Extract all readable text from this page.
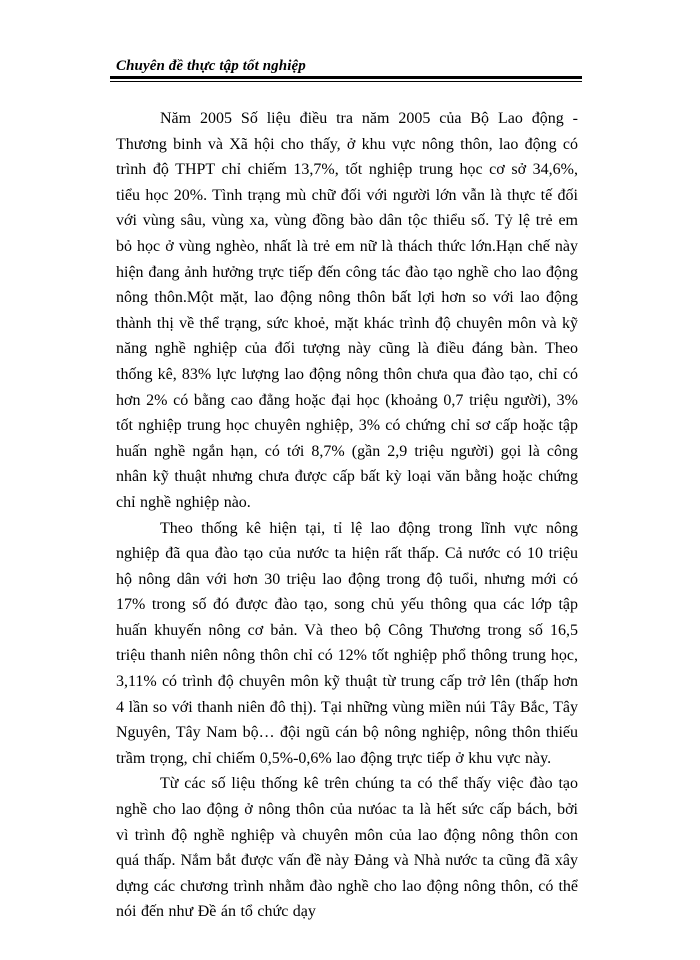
Chuyên đề thực tập tốt nghiệp

Năm 2005 Số liệu điều tra năm 2005 của Bộ Lao động - Thương binh và Xã hội cho thấy, ở khu vực nông thôn, lao động có trình độ THPT chỉ chiếm 13,7%, tốt nghiệp trung học cơ sở 34,6%, tiểu học 20%. Tình trạng mù chữ đối với người lớn vẫn là thực tế đối với vùng sâu, vùng xa, vùng đồng bào dân tộc thiểu số. Tỷ lệ trẻ em bỏ học ở vùng nghèo, nhất là trẻ em nữ là thách thức lớn.Hạn chế này hiện đang ảnh hưởng trực tiếp đến công tác đào tạo nghề cho lao động nông thôn.Một mặt, lao động nông thôn bất lợi hơn so với lao động thành thị về thể trạng, sức khoẻ, mặt khác trình độ chuyên môn và kỹ năng nghề nghiệp của đối tượng này cũng là điều đáng bàn. Theo thống kê, 83% lực lượng lao động nông thôn chưa qua đào tạo, chỉ có hơn 2% có bằng cao đẳng hoặc đại học (khoảng 0,7 triệu người), 3% tốt nghiệp trung học chuyên nghiệp, 3% có chứng chỉ sơ cấp hoặc tập huấn nghề ngắn hạn, có tới 8,7% (gần 2,9 triệu người) gọi là công nhân kỹ thuật nhưng chưa được cấp bất kỳ loại văn bằng hoặc chứng chỉ nghề nghiệp nào.

Theo thống kê hiện tại, tỉ lệ lao động trong lĩnh vực nông nghiệp đã qua đào tạo của nước ta hiện rất thấp. Cả nước có 10 triệu hộ nông dân với hơn 30 triệu lao động trong độ tuổi, nhưng mới có 17% trong số đó được đào tạo, song chủ yếu thông qua các lớp tập huấn khuyến nông cơ bản. Và theo bộ Công Thương trong số 16,5 triệu thanh niên nông thôn chỉ có 12% tốt nghiệp phổ thông trung học, 3,11% có trình độ chuyên môn kỹ thuật từ trung cấp trở lên (thấp hơn 4 lần so với thanh niên đô thị). Tại những vùng miền núi Tây Bắc, Tây Nguyên, Tây Nam bộ… đội ngũ cán bộ nông nghiệp, nông thôn thiếu trầm trọng, chỉ chiếm 0,5%-0,6% lao động trực tiếp ở khu vực này.

Từ các số liệu thống kê trên chúng ta có thể thấy việc đào tạo nghề cho lao động ở nông thôn của nưóac ta là hết sức cấp bách, bởi vì trình độ nghề nghiệp và chuyên môn của lao động nông thôn con quá thấp. Nắm bắt được vấn đề này Đảng và Nhà nước ta cũng đã xây dựng các chương trình nhằm đào nghề cho lao động nông thôn, có thể nói đến như Đề án tổ chức dạy
